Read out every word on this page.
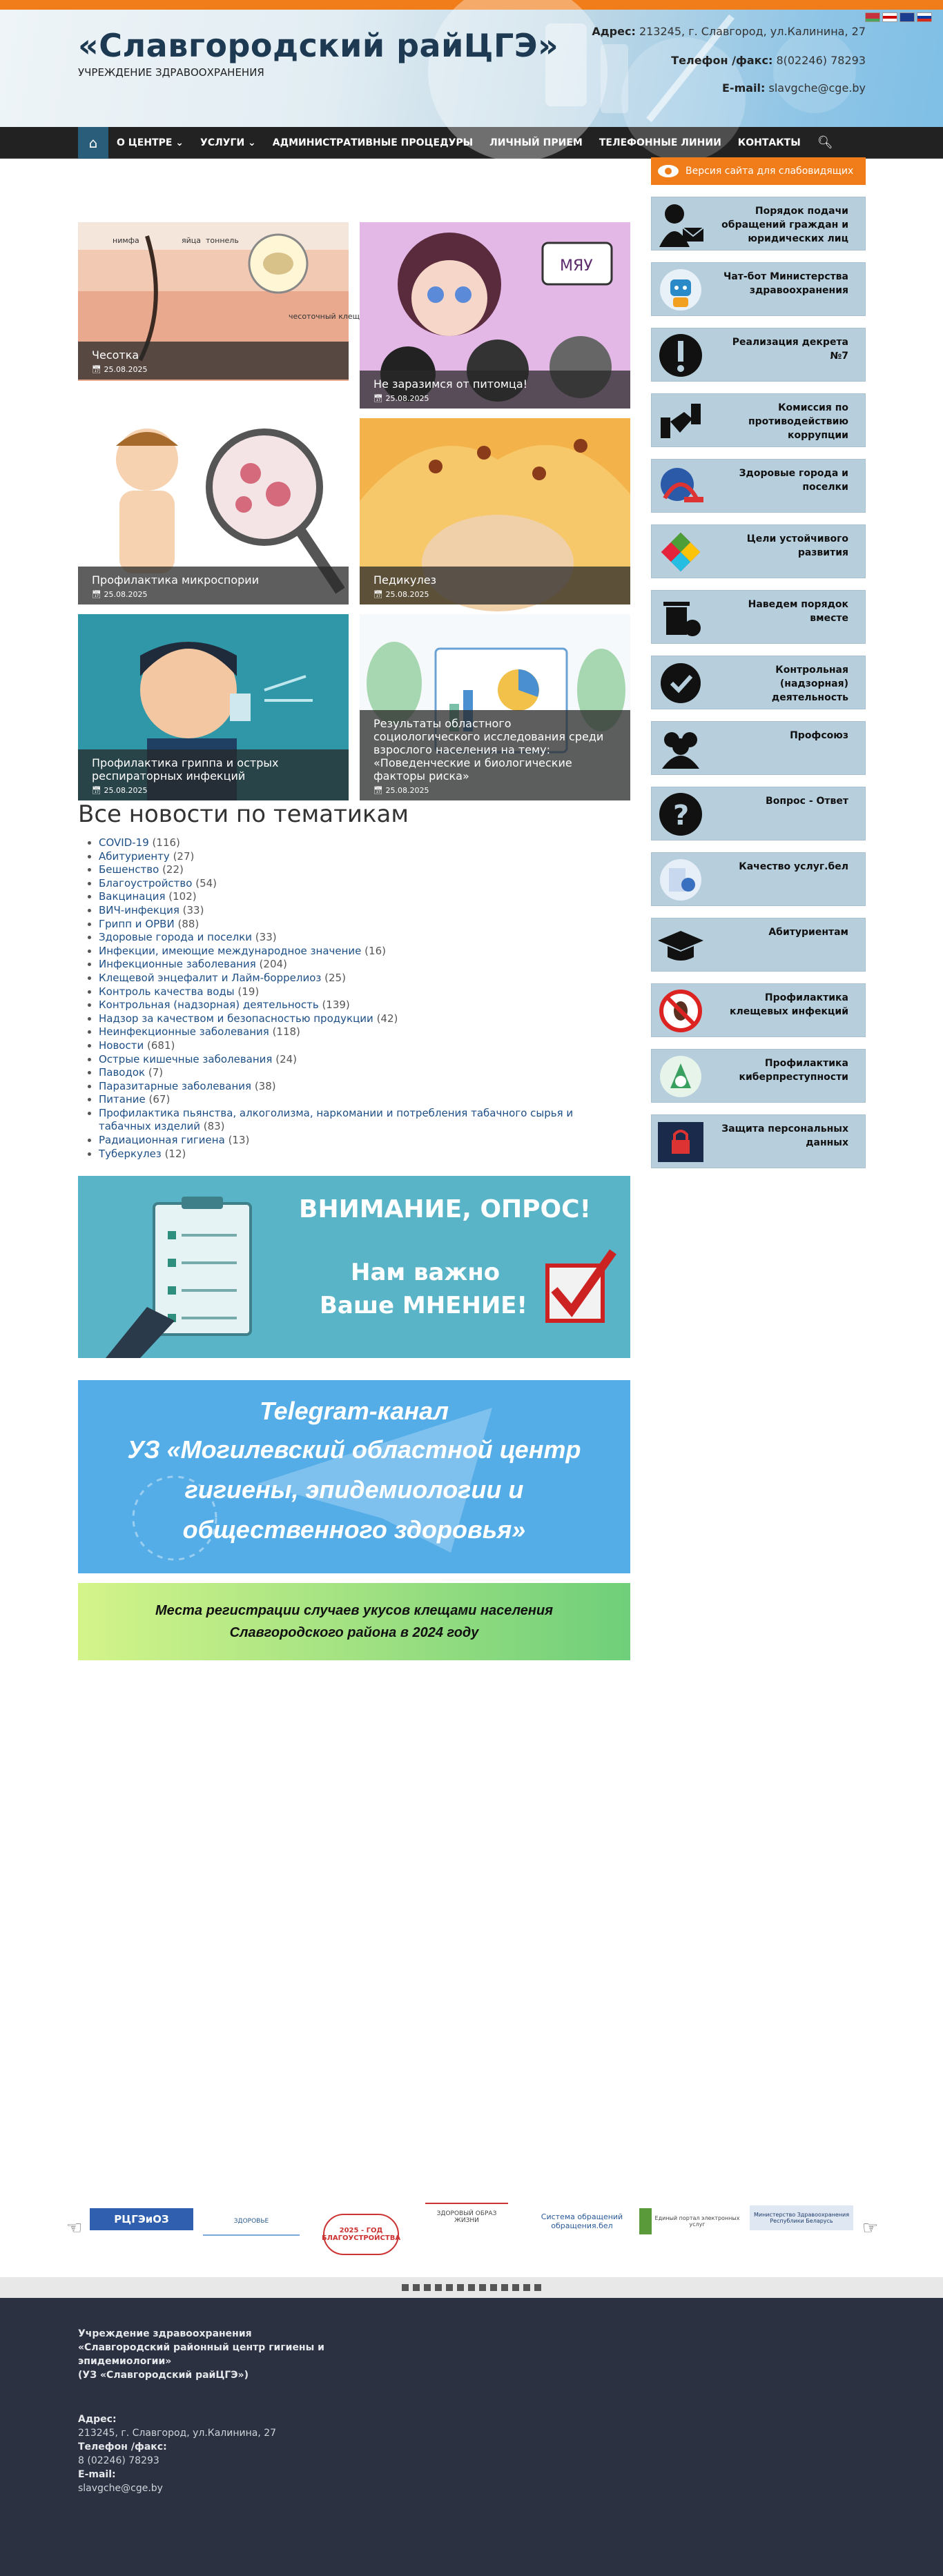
«Славгородский райЦГЭ»
УЧРЕЖДЕНИЕ ЗДРАВООХРАНЕНИЯ
Адрес: 213245, г. Славгород, ул.Калинина, 27
Телефон /факс: 8(02246) 78293
E-mail: slavgche@cge.by
⌂	О ЦЕНТРЕ ⌄	УСЛУГИ ⌄	АДМИНИСТРАТИВНЫЕ ПРОЦЕДУРЫ	ЛИЧНЫЙ ПРИЕМ	ТЕЛЕФОННЫЕ ЛИНИИ	КОНТАКТЫ	🔍︎
нимфа	яйца тоннель
чесоточный клещ
Чесотка
📅︎ 25.08.2025
МЯУ
Не заразимся от питомца!
📅︎ 25.08.2025
Профилактика микроспории
📅︎ 25.08.2025
Педикулез
📅︎ 25.08.2025
Профилактика гриппа и острых респираторных инфекций
📅︎ 25.08.2025
Результаты областного социологического исследования среди взрослого населения на тему: «Поведенческие и биологические факторы риска»
📅︎ 25.08.2025
Все новости по тематикам
• COVID-19 (116)
• Абитуриенту (27)
• Бешенство (22)
• Благоустройство (54)
• Вакцинация (102)
• ВИЧ-инфекция (33)
• Грипп и ОРВИ (88)
• Здоровые города и поселки (33)
• Инфекции, имеющие международное значение (16)
• Инфекционные заболевания (204)
• Клещевой энцефалит и Лайм-боррелиоз (25)
• Контроль качества воды (19)
• Контрольная (надзорная) деятельность (139)
• Надзор за качеством и безопасностью продукции (42)
• Неинфекционные заболевания (118)
• Новости (681)
• Острые кишечные заболевания (24)
• Паводок (7)
• Паразитарные заболевания (38)
• Питание (67)
• Профилактика пьянства, алкоголизма, наркомании и потребления табачного сырья и табачных изделий (83)
• Радиационная гигиена (13)
• Туберкулез (12)
ВНИМАНИЕ, ОПРОС!
Нам важно
Ваше МНЕНИЕ!
Telegram-канал
УЗ «Могилевский областной центр
гигиены, эпидемиологии и
общественного здоровья»
Места регистрации случаев укусов клещами населения
Славгородского района в 2024 году
Версия сайта для слабовидящих
Порядок подачи обращений граждан и юридических лиц
Чат-бот Министерства здравоохранения
Реализация декрета №7
Комиссия по противодействию коррупции
Здоровые города и поселки
Цели устойчивого развития
Наведем порядок вместе
Контрольная (надзорная) деятельность
Профсоюз
?	Вопрос - Ответ
Качество услуг.бел
Абитуриентам
Профилактика клещевых инфекций
Профилактика киберпреступности
Защита персональных данных
☜	☞
РЦГЭиОЗ	ЗДОРОВЬЕ
2025 - ГОД БЛАГОУСТРОЙСТВА
ЗДОРОВЫЙ ОБРАЗ ЖИЗНИ	Система обращений обращения.бел
Единый портал электронных услуг
Министерство Здравоохранения Республики Беларусь
Учреждение здравоохранения
«Славгородский районный центр гигиены и
эпидемиологии»
(УЗ «Славгородский райЦГЭ»)
Адрес:
213245, г. Славгород, ул.Калинина, 27
Телефон /факс:
8 (02246) 78293
E-mail:
slavgche@cge.by
